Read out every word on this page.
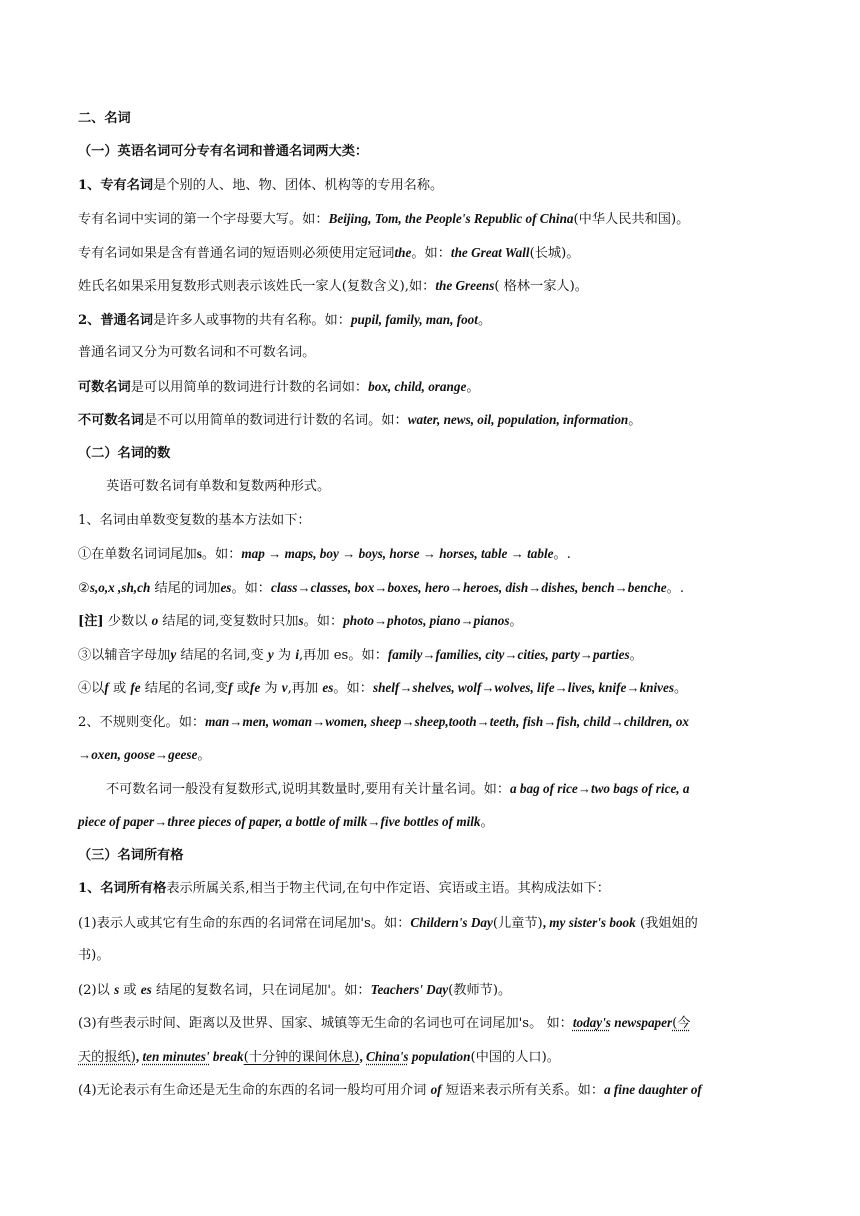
二、名词
（一）英语名词可分专有名词和普通名词两大类：
1、专有名词是个别的人、地、物、团体、机构等的专用名称。
专有名词中实词的第一个字母要大写。如：Beijing, Tom, the People's Republic of China(中华人民共和国)。
专有名词如果是含有普通名词的短语则必须使用定冠词the。如：the Great Wall(长城)。
姓氏名如果采用复数形式则表示该姓氏一家人(复数含义),如：the Greens( 格林一家人)。
2、普通名词是许多人或事物的共有名称。如：pupil, family, man, foot。
普通名词又分为可数名词和不可数名词。
可数名词是可以用简单的数词进行计数的名词如：box, child, orange。
不可数名词是不可以用简单的数词进行计数的名词。如：water, news, oil, population, information。
（二）名词的数
英语可数名词有单数和复数两种形式。
1、名词由单数变复数的基本方法如下：
①在单数名词词尾加s。如：map → maps, boy → boys, horse → horses, table → table。.
②s,o,x ,sh,ch 结尾的词加es。如：class→classes, box→boxes, hero→heroes, dish→dishes, bench→benche。.
[注] 少数以 o 结尾的词,变复数时只加s。如：photo→photos, piano→pianos。
③以辅音字母加y 结尾的名词,变 y 为 i,再加 es。如：family→families, city→cities, party→parties。
④以f 或 fe 结尾的名词,变f 或fe 为 v,再加 es。如：shelf→shelves, wolf→wolves, life→lives, knife→knives。
2、不规则变化。如：man→men, woman→women, sheep→sheep,tooth→teeth, fish→fish, child→children, ox
→oxen, goose→geese。
不可数名词一般没有复数形式,说明其数量时,要用有关计量名词。如：a bag of rice→two bags of rice, a
piece of paper→three pieces of paper, a bottle of milk→five bottles of milk。
（三）名词所有格
1、名词所有格表示所属关系,相当于物主代词,在句中作定语、宾语或主语。其构成法如下：
(1)表示人或其它有生命的东西的名词常在词尾加's。如：Childern's Day(儿童节), my sister's book (我姐姐的
书)。
(2)以 s 或 es 结尾的复数名词，只在词尾加'。如：Teachers' Day(教师节)。
(3)有些表示时间、距离以及世界、国家、城镇等无生命的名词也可在词尾加's。 如：today's newspaper(今
天的报纸), ten minutes' break(十分钟的课间休息), China's population(中国的人口)。
(4)无论表示有生命还是无生命的东西的名词一般均可用介词 of 短语来表示所有关系。如：a fine daughter of
